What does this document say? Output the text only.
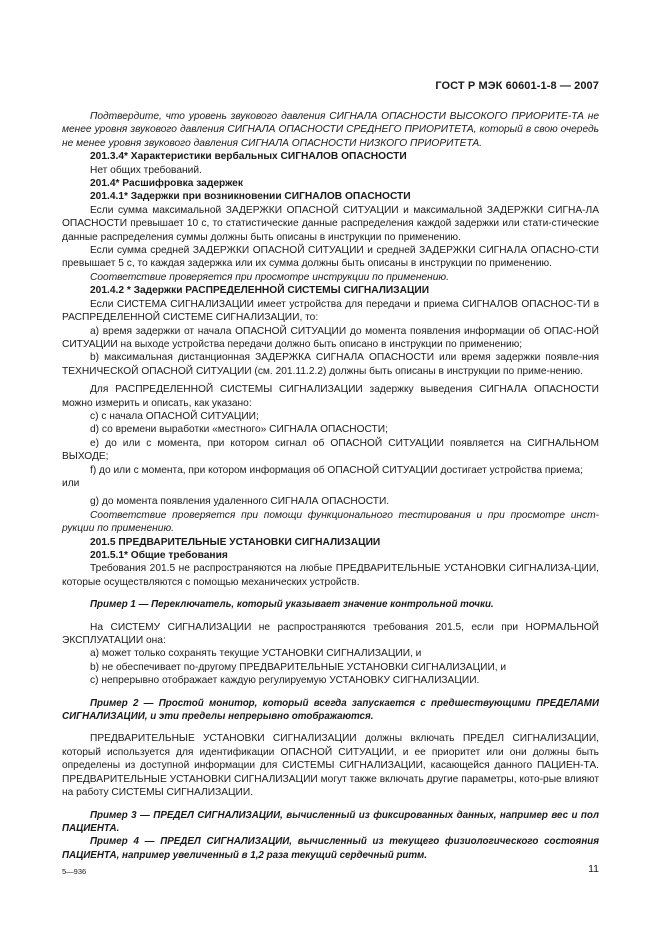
ГОСТ Р МЭК 60601-1-8 — 2007

Подтвердите, что уровень звукового давления СИГНАЛА ОПАСНОСТИ ВЫСОКОГО ПРИОРИТЕ-ТА не менее уровня звукового давления СИГНАЛА ОПАСНОСТИ СРЕДНЕГО ПРИОРИТЕТА, который в свою очередь не менее уровня звукового давления СИГНАЛА ОПАСНОСТИ НИЗКОГО ПРИОРИТЕТА.

201.3.4* Характеристики вербальных СИГНАЛОВ ОПАСНОСТИ

Нет общих требований.

201.4* Расшифровка задержек

201.4.1* Задержки при возникновении СИГНАЛОВ ОПАСНОСТИ

Если сумма максимальной ЗАДЕРЖКИ ОПАСНОЙ СИТУАЦИИ и максимальной ЗАДЕРЖКИ СИГНА-ЛА ОПАСНОСТИ превышает 10 с, то статистические данные распределения каждой задержки или стати-стические данные распределения суммы должны быть описаны в инструкции по применению.

Если сумма средней ЗАДЕРЖКИ ОПАСНОЙ СИТУАЦИИ и средней ЗАДЕРЖКИ СИГНАЛА ОПАСНО-СТИ превышает 5 с, то каждая задержка или их сумма должны быть описаны в инструкции по применению.

Соответствие проверяется при просмотре инструкции по применению.

201.4.2 * Задержки РАСПРЕДЕЛЕННОЙ СИСТЕМЫ СИГНАЛИЗАЦИИ

Если СИСТЕМА СИГНАЛИЗАЦИИ имеет устройства для передачи и приема СИГНАЛОВ ОПАСНОС-ТИ в РАСПРЕДЕЛЕННОЙ СИСТЕМЕ СИГНАЛИЗАЦИИ, то:

a) время задержки от начала ОПАСНОЙ СИТУАЦИИ до момента появления информации об ОПАС-НОЙ СИТУАЦИИ на выходе устройства передачи должно быть описано в инструкции по применению;

b) максимальная дистанционная ЗАДЕРЖКА СИГНАЛА ОПАСНОСТИ или время задержки появле-ния ТЕХНИЧЕСКОЙ ОПАСНОЙ СИТУАЦИИ (см. 201.11.2.2) должны быть описаны в инструкции по приме-нению.

Для РАСПРЕДЕЛЕННОЙ СИСТЕМЫ СИГНАЛИЗАЦИИ задержку выведения СИГНАЛА ОПАСНОСТИ можно измерить и описать, как указано:

c) с начала ОПАСНОЙ СИТУАЦИИ;

d) со времени выработки «местного» СИГНАЛА ОПАСНОСТИ;

e) до или с момента, при котором сигнал об ОПАСНОЙ СИТУАЦИИ появляется на СИГНАЛЬНОМ ВЫХОДЕ;

f) до или с момента, при котором информация об ОПАСНОЙ СИТУАЦИИ достигает устройства приема;

или

g) до момента появления удаленного СИГНАЛА ОПАСНОСТИ.

Соответствие проверяется при помощи функционального тестирования и при просмотре инст-рукции по применению.

201.5 ПРЕДВАРИТЕЛЬНЫЕ УСТАНОВКИ СИГНАЛИЗАЦИИ

201.5.1* Общие требования

Требования 201.5 не распространяются на любые ПРЕДВАРИТЕЛЬНЫЕ УСТАНОВКИ СИГНАЛИЗА-ЦИИ, которые осуществляются с помощью механических устройств.

Пример 1 — Переключатель, который указывает значение контрольной точки.

На СИСТЕМУ СИГНАЛИЗАЦИИ не распространяются требования 201.5, если при НОРМАЛЬНОЙ ЭКСПЛУАТАЦИИ она:

a) может только сохранять текущие УСТАНОВКИ СИГНАЛИЗАЦИИ, и

b) не обеспечивает по-другому ПРЕДВАРИТЕЛЬНЫЕ УСТАНОВКИ СИГНАЛИЗАЦИИ, и

c) непрерывно отображает каждую регулируемую УСТАНОВКУ СИГНАЛИЗАЦИИ.

Пример 2 — Простой монитор, который всегда запускается с предшествующими ПРЕДЕЛАМИ СИГНАЛИЗАЦИИ, и эти пределы непрерывно отображаются.

ПРЕДВАРИТЕЛЬНЫЕ УСТАНОВКИ СИГНАЛИЗАЦИИ должны включать ПРЕДЕЛ СИГНАЛИЗАЦИИ, который используется для идентификации ОПАСНОЙ СИТУАЦИИ, и ее приоритет или они должны быть определены из доступной информации для СИСТЕМЫ СИГНАЛИЗАЦИИ, касающейся данного ПАЦИЕН-ТА. ПРЕДВАРИТЕЛЬНЫЕ УСТАНОВКИ СИГНАЛИЗАЦИИ могут также включать другие параметры, кото-рые влияют на работу СИСТЕМЫ СИГНАЛИЗАЦИИ.

Пример 3 — ПРЕДЕЛ СИГНАЛИЗАЦИИ, вычисленный из фиксированных данных, например вес и пол ПАЦИЕНТА.

Пример 4 — ПРЕДЕЛ СИГНАЛИЗАЦИИ, вычисленный из текущего физиологического состояния ПАЦИЕНТА, например увеличенный в 1,2 раза текущий сердечный ритм.

5—936	11
